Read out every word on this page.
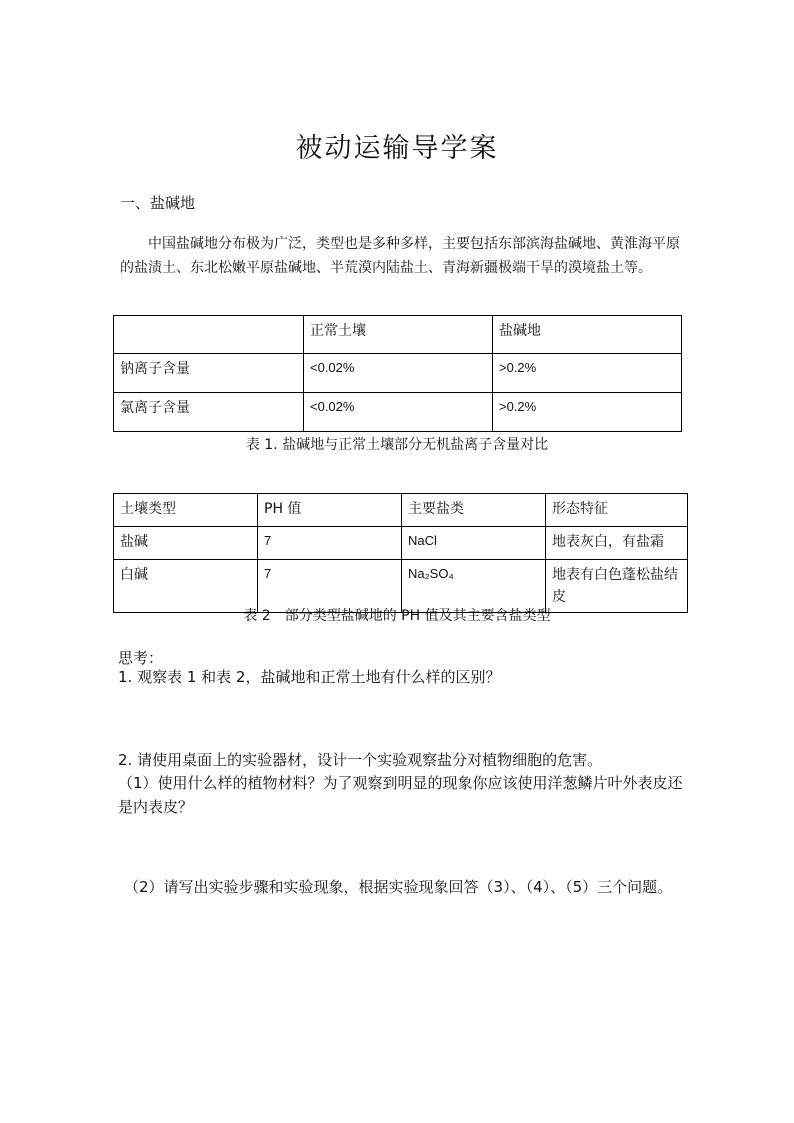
被动运输导学案
一、盐碱地
中国盐碱地分布极为广泛，类型也是多种多样，主要包括东部滨海盐碱地、黄淮海平原的盐渍土、东北松嫩平原盐碱地、半荒漠内陆盐土、青海新疆极端干旱的漠境盐土等。
	正常土壤	盐碱地
钠离子含量	<0.02%	>0.2%
氯离子含量	<0.02%	>0.2%
表 1. 盐碱地与正常土壤部分无机盐离子含量对比
土壤类型	PH 值	主要盐类	形态特征
盐碱	7	NaCl	地表灰白，有盐霜
白碱	7	Na₂SO₄	地表有白色蓬松盐结皮
表 2　部分类型盐碱地的 PH 值及其主要含盐类型
思考：
1. 观察表 1 和表 2，盐碱地和正常土地有什么样的区别？
2. 请使用桌面上的实验器材，设计一个实验观察盐分对植物细胞的危害。
（1）使用什么样的植物材料？为了观察到明显的现象你应该使用洋葱鳞片叶外表皮还是内表皮？
（2）请写出实验步骤和实验现象，根据实验现象回答（3）、（4）、（5）三个问题。
